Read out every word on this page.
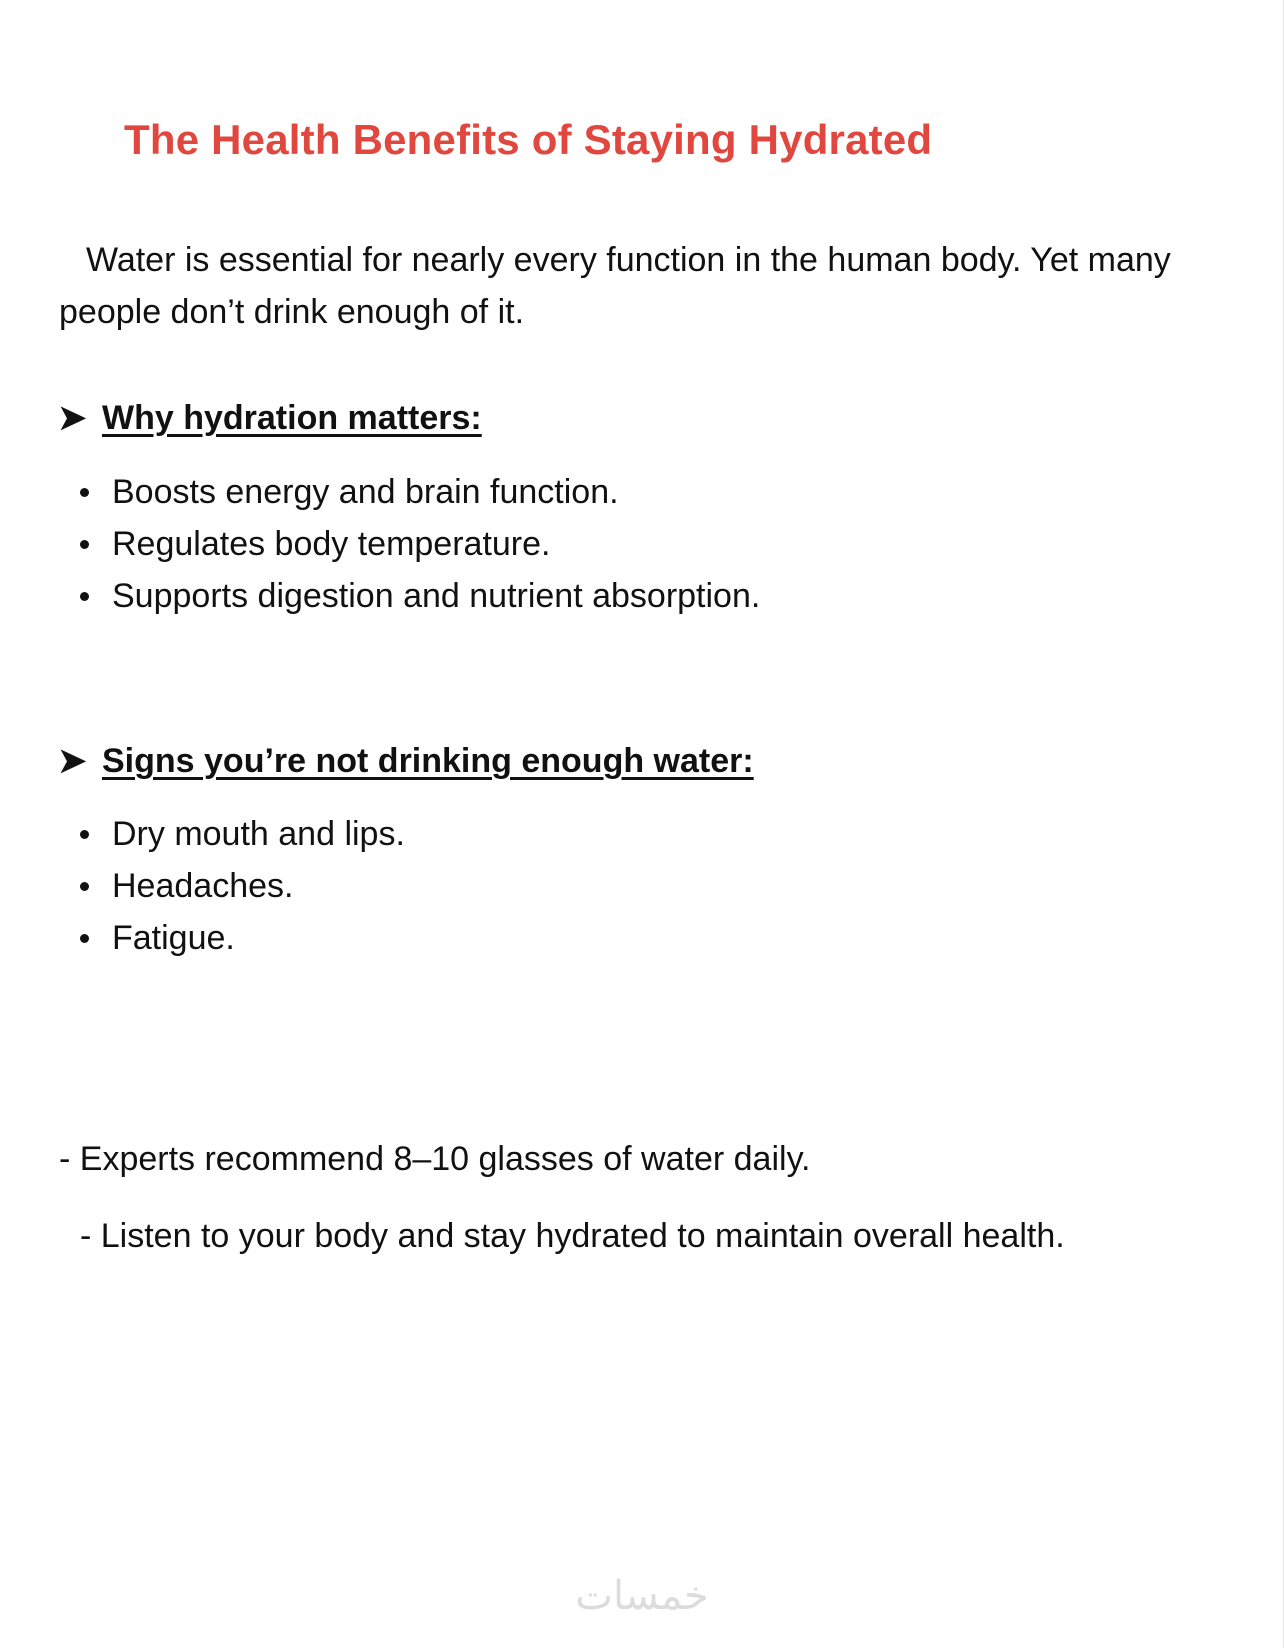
The Health Benefits of Staying Hydrated

Water is essential for nearly every function in the human body. Yet many people don’t drink enough of it.

➤ Why hydration matters:
Boosts energy and brain function.
Regulates body temperature.
Supports digestion and nutrient absorption.
➤ Signs you’re not drinking enough water:
Dry mouth and lips.
Headaches.
Fatigue.

- Experts recommend 8–10 glasses of water daily.

- Listen to your body and stay hydrated to maintain overall health.

خمسات
